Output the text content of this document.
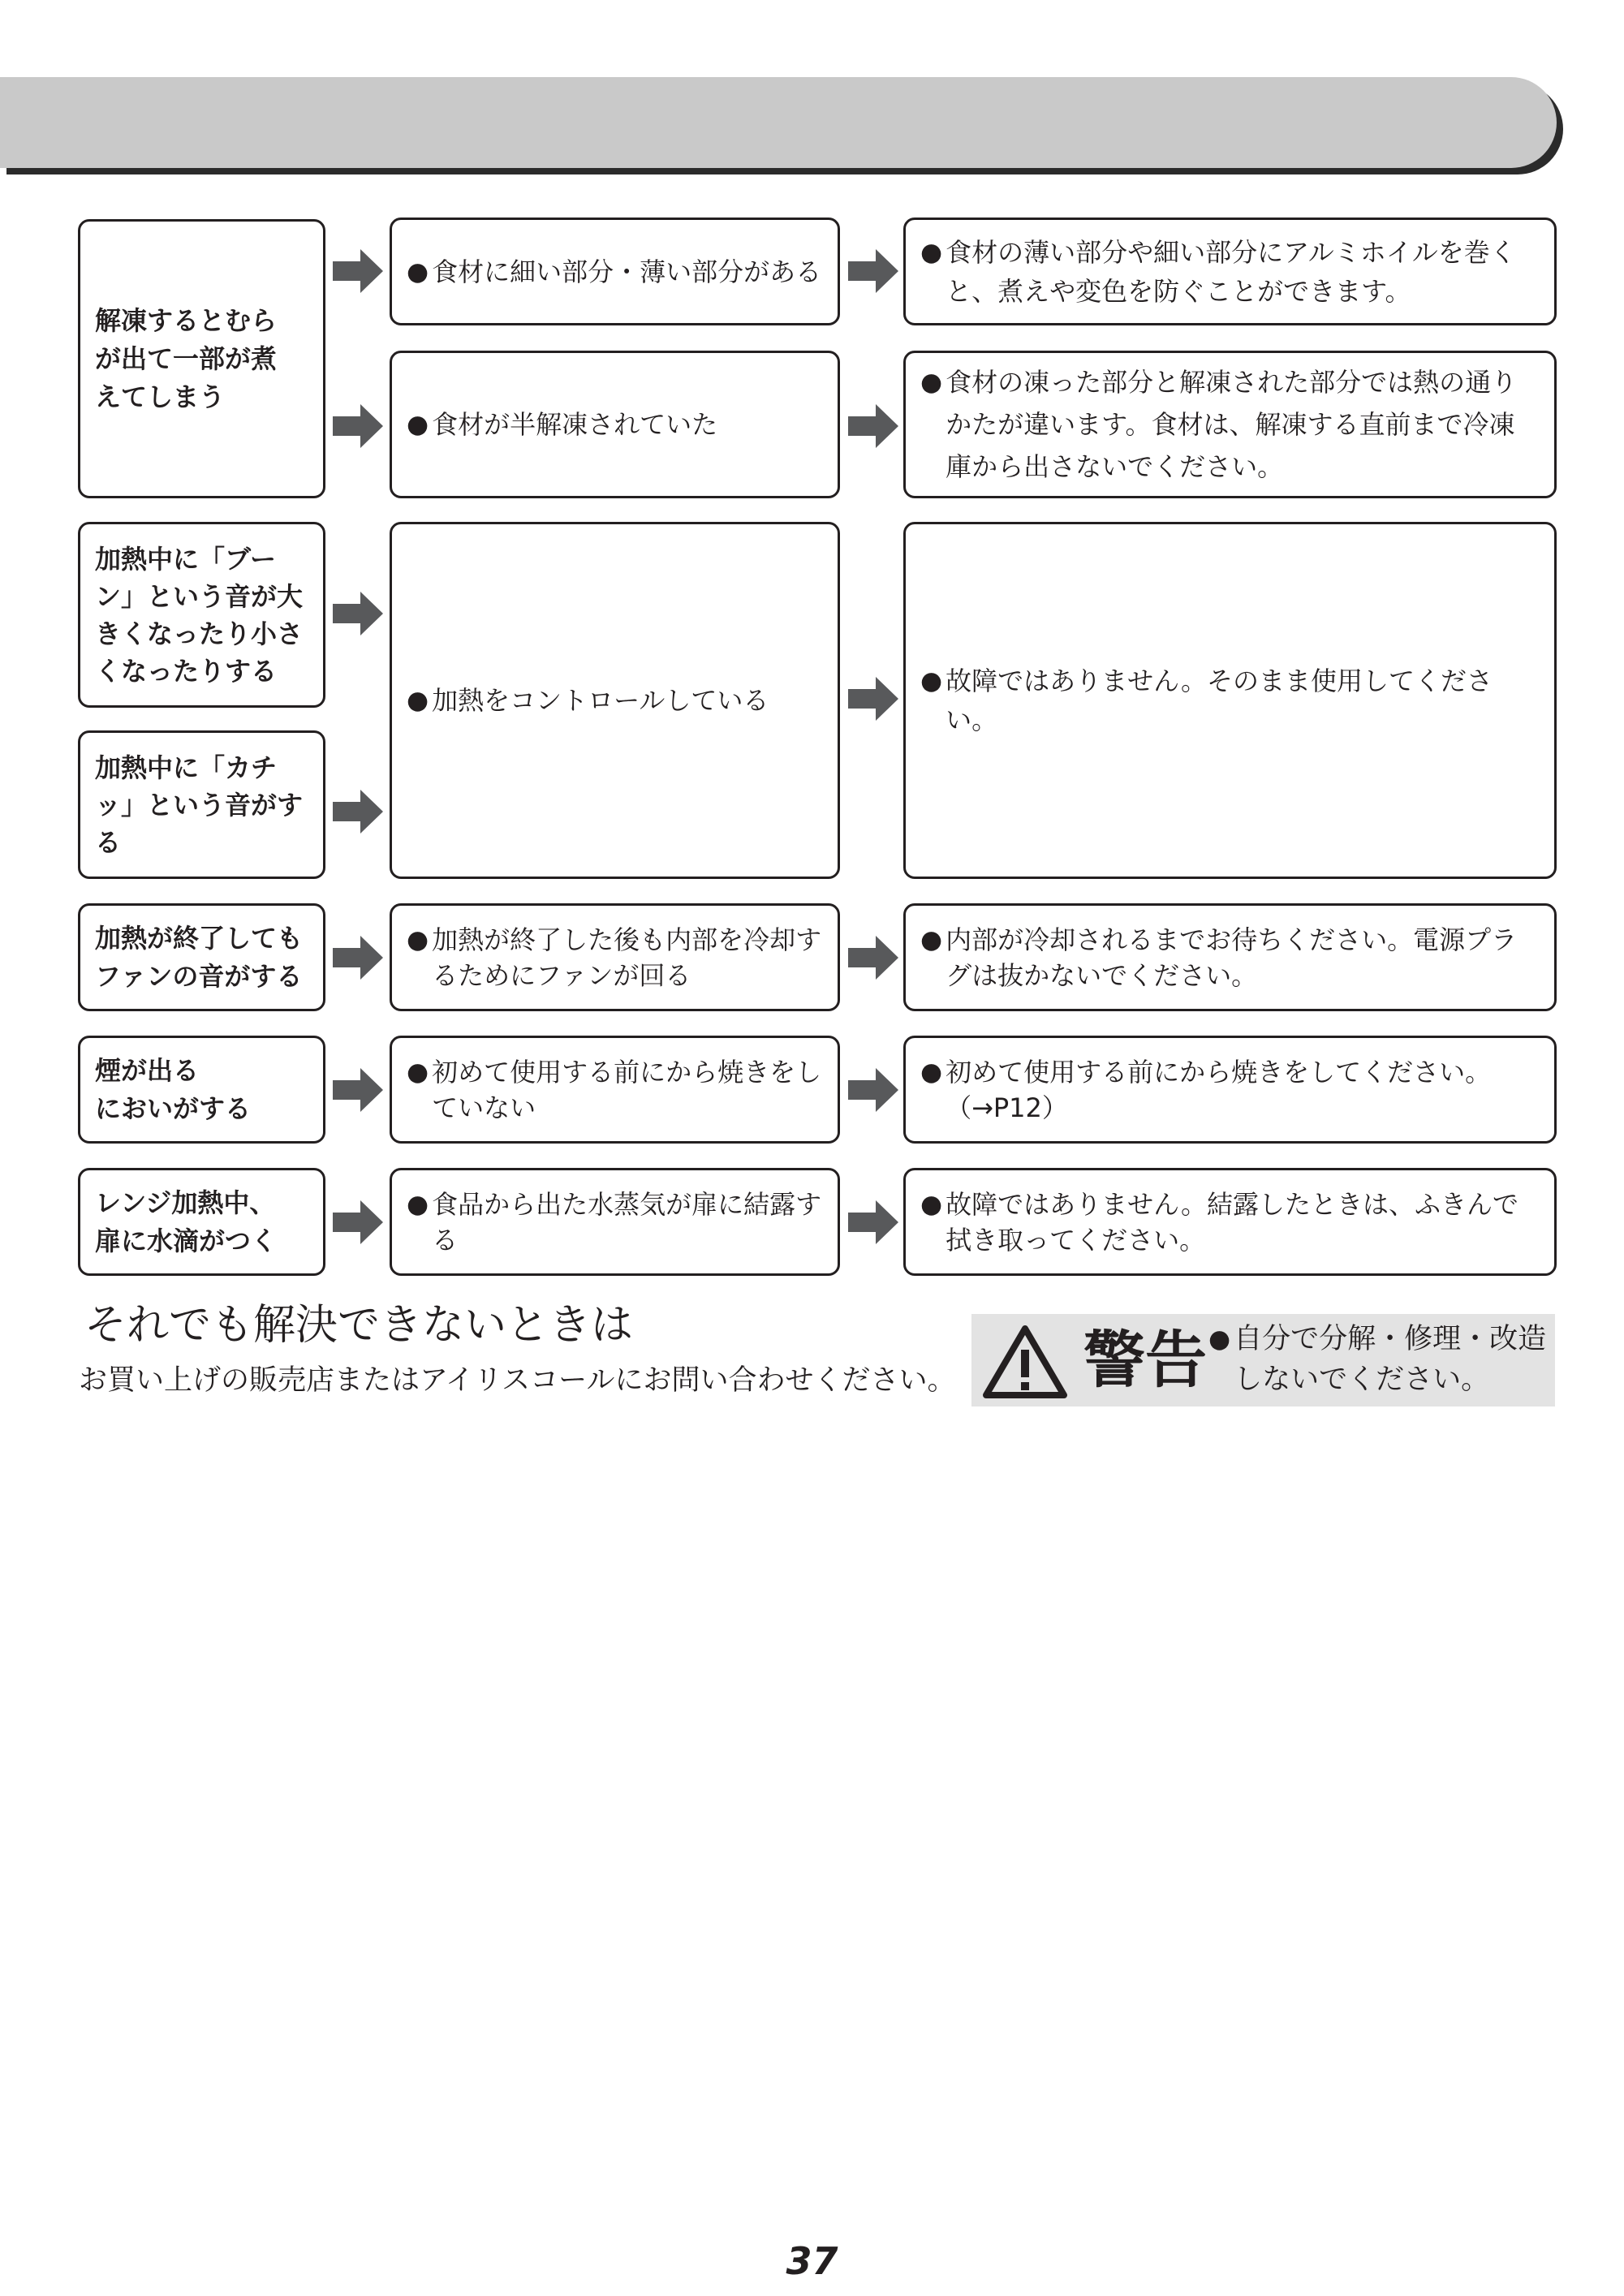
解凍するとむら
が出て一部が煮
えてしまう
● 食材に細い部分・薄い部分がある
● 食材が半解凍されていた
● 食材の薄い部分や細い部分にアルミホイルを巻くと、煮えや変色を防ぐことができます。
● 食材の凍った部分と解凍された部分では熱の通りかたが違います。食材は、解凍する直前まで冷凍庫から出さないでください。
加熱中に「ブーン」という音が大きくなったり小さくなったりする
加熱中に「カチッ」という音がする
● 加熱をコントロールしている
● 故障ではありません。そのまま使用してください。
加熱が終了しても
ファンの音がする
● 加熱が終了した後も内部を冷却するためにファンが回る
● 内部が冷却されるまでお待ちください。電源プラグは抜かないでください。
煙が出る
においがする
● 初めて使用する前にから焼きをしていない
● 初めて使用する前にから焼きをしてください。（→P12）
レンジ加熱中、
扉に水滴がつく
● 食品から出た水蒸気が扉に結露する
● 故障ではありません。結露したときは、ふきんで拭き取ってください。
それでも解決できないときは
お買い上げの販売店またはアイリスコールにお問い合わせください。 警告 ● 自分で分解・修理・改造しないでください。
37
